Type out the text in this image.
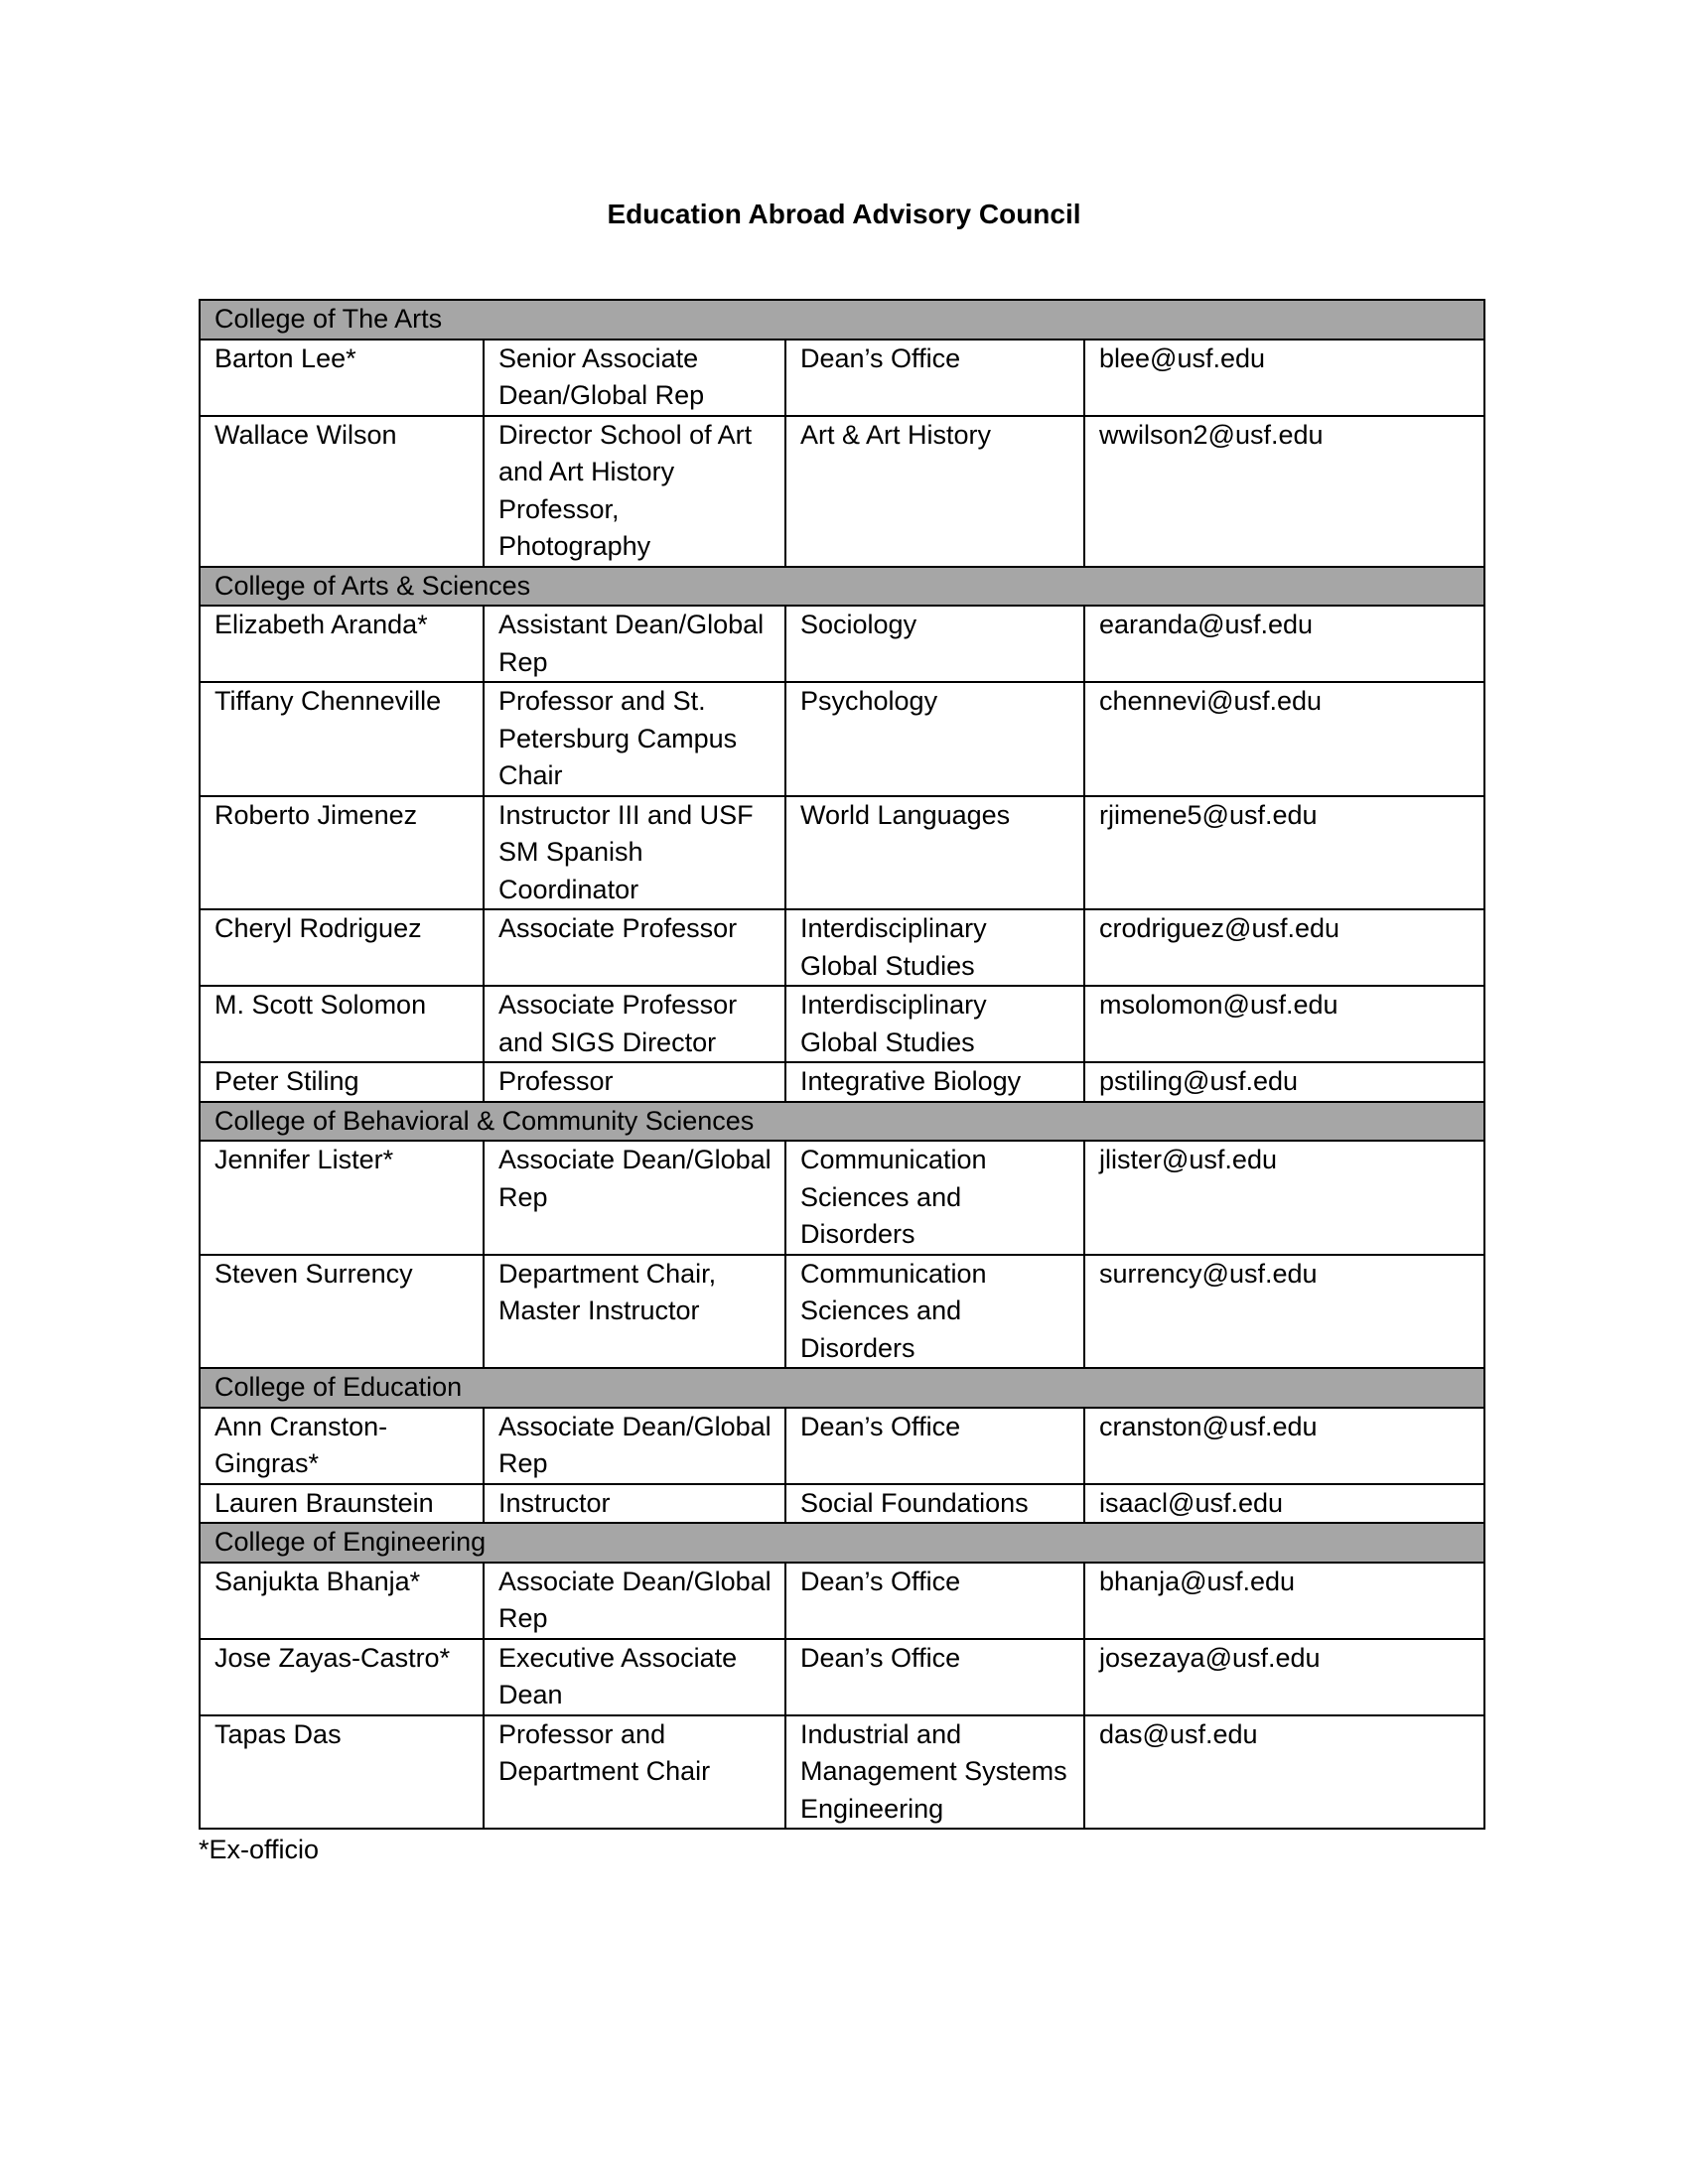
Education Abroad Advisory Council
College of The Arts			
Barton Lee*	Senior Associate Dean/Global Rep	Dean’s Office	blee@usf.edu
Wallace Wilson	Director School of Art and Art History Professor, Photography	Art & Art History	wwilson2@usf.edu
College of Arts & Sciences			
Elizabeth Aranda*	Assistant Dean/Global Rep	Sociology	earanda@usf.edu
Tiffany Chenneville	Professor and St. Petersburg Campus Chair	Psychology	chennevi@usf.edu
Roberto Jimenez	Instructor III and USF SM Spanish Coordinator	World Languages	rjimene5@usf.edu
Cheryl Rodriguez	Associate Professor	Interdisciplinary Global Studies	crodriguez@usf.edu
M. Scott Solomon	Associate Professor and SIGS Director	Interdisciplinary Global Studies	msolomon@usf.edu
Peter Stiling	Professor	Integrative Biology	pstiling@usf.edu
College of Behavioral & Community Sciences			
Jennifer Lister*	Associate Dean/Global Rep	Communication Sciences and Disorders	jlister@usf.edu
Steven Surrency	Department Chair, Master Instructor	Communication Sciences and Disorders	surrency@usf.edu
College of Education			
Ann Cranston-Gingras*	Associate Dean/Global Rep	Dean’s Office	cranston@usf.edu
Lauren Braunstein	Instructor	Social Foundations	isaacl@usf.edu
College of Engineering			
Sanjukta Bhanja*	Associate Dean/Global Rep	Dean’s Office	bhanja@usf.edu
Jose Zayas-Castro*	Executive Associate Dean	Dean’s Office	josezaya@usf.edu
Tapas Das	Professor and Department Chair	Industrial and Management Systems Engineering	das@usf.edu
*Ex-officio
